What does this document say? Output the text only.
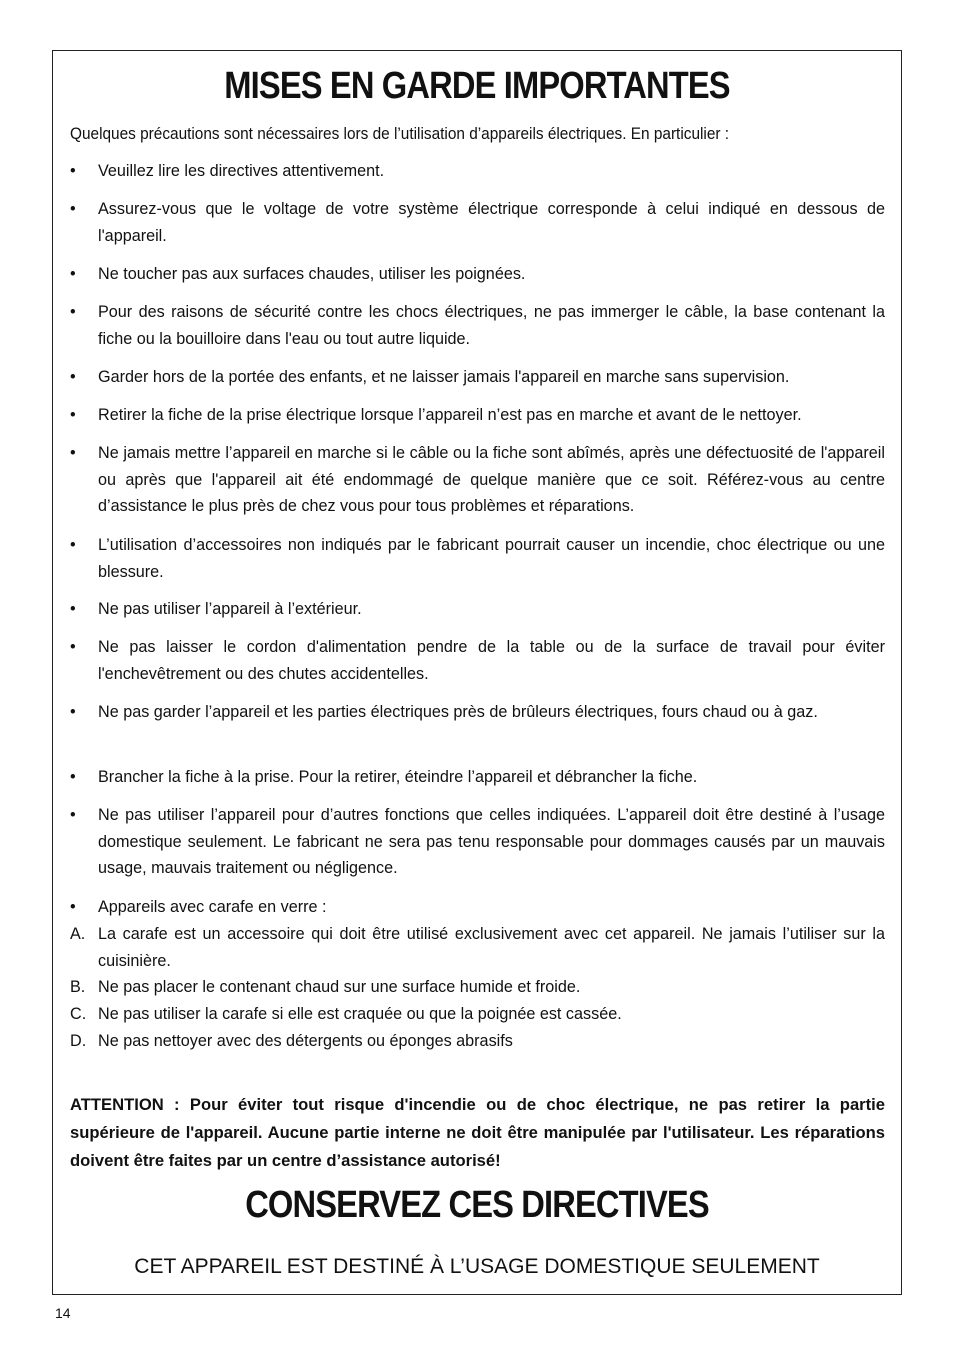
MISES EN GARDE IMPORTANTES

Quelques précautions sont nécessaires lors de l’utilisation d’appareils électriques. En particulier :

•	Veuillez lire les directives attentivement.
•	Assurez-vous que le voltage de votre système électrique corresponde à celui indiqué en dessous de l'appareil.
•	Ne toucher pas aux surfaces chaudes, utiliser les poignées.
•	Pour des raisons de sécurité contre les chocs électriques, ne pas immerger le câble, la base contenant la fiche ou la bouilloire dans l'eau ou tout autre liquide.
•	Garder hors de la portée des enfants, et ne laisser jamais l'appareil en marche sans supervision.
•	Retirer la fiche de la prise électrique lorsque l’appareil n’est pas en marche et avant de le nettoyer.
•	Ne jamais mettre l’appareil en marche si le câble ou la fiche sont abîmés, après une défectuosité de l'appareil ou après que l'appareil ait été endommagé de quelque manière que ce soit. Référez-vous au centre d’assistance le plus près de chez vous pour tous problèmes et réparations.
•	L’utilisation d’accessoires non indiqués par le fabricant pourrait causer un incendie, choc électrique ou une blessure.
•	Ne pas utiliser l’appareil à l’extérieur.
•	Ne pas laisser le cordon d'alimentation pendre de la table ou de la surface de travail pour éviter l'enchevêtrement ou des chutes accidentelles.
•	Ne pas garder l’appareil et les parties électriques près de brûleurs électriques, fours chaud ou à gaz.
•	Brancher la fiche à la prise. Pour la retirer, éteindre l’appareil et débrancher la fiche.
•	Ne pas utiliser l’appareil pour d’autres fonctions que celles indiquées. L’appareil doit être destiné à l’usage domestique seulement. Le fabricant ne sera pas tenu responsable pour dommages causés par un mauvais usage, mauvais traitement ou négligence.
•	Appareils avec carafe en verre :
A. La carafe est un accessoire qui doit être utilisé exclusivement avec cet appareil. Ne jamais l’utiliser sur la cuisinière.
B. Ne pas placer le contenant chaud sur une surface humide et froide.
C. Ne pas utiliser la carafe si elle est craquée ou que la poignée est cassée.
D. Ne pas nettoyer avec des détergents ou éponges abrasifs

ATTENTION : Pour éviter tout risque d'incendie ou de choc électrique, ne pas retirer la partie supérieure de l'appareil. Aucune partie interne ne doit être manipulée par l'utilisateur. Les réparations doivent être faites par un centre d’assistance autorisé!

CONSERVEZ CES DIRECTIVES

CET APPAREIL EST DESTINÉ À L’USAGE DOMESTIQUE SEULEMENT

14
